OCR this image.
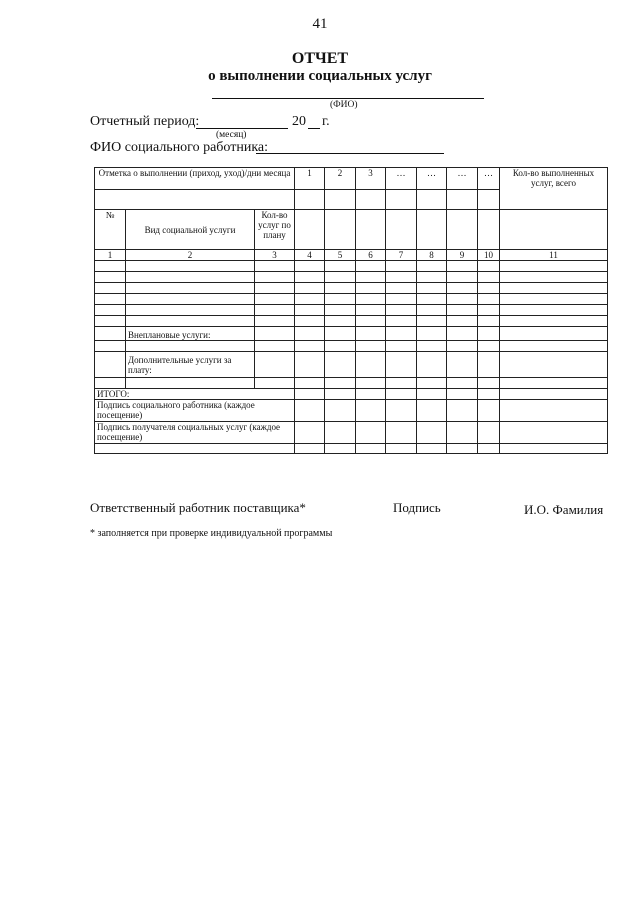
41
ОТЧЕТ
о выполнении социальных услуг
(ФИО)
Отчетный период:	20 г.
(месяц)
ФИО социального работника:
Отметка о выполнении (приход, уход)/дни месяца			1	2	3	…	…	…	…	Кол-во выполненных услуг, всего

№	Вид социальной услуги	Кол-во услуг по плану								
1	2	3	4	5	6	7	8	9	10	11

	Внеплановые услуги:									

	Дополнительные услуги за плату:									

ИТОГО:										
Подпись социального работника (каждое посещение)										
Подпись получателя социальных услуг (каждое посещение)										

Ответственный работник поставщика*	Подпись	И.О. Фамилия
* заполняется при проверке индивидуальной программы
